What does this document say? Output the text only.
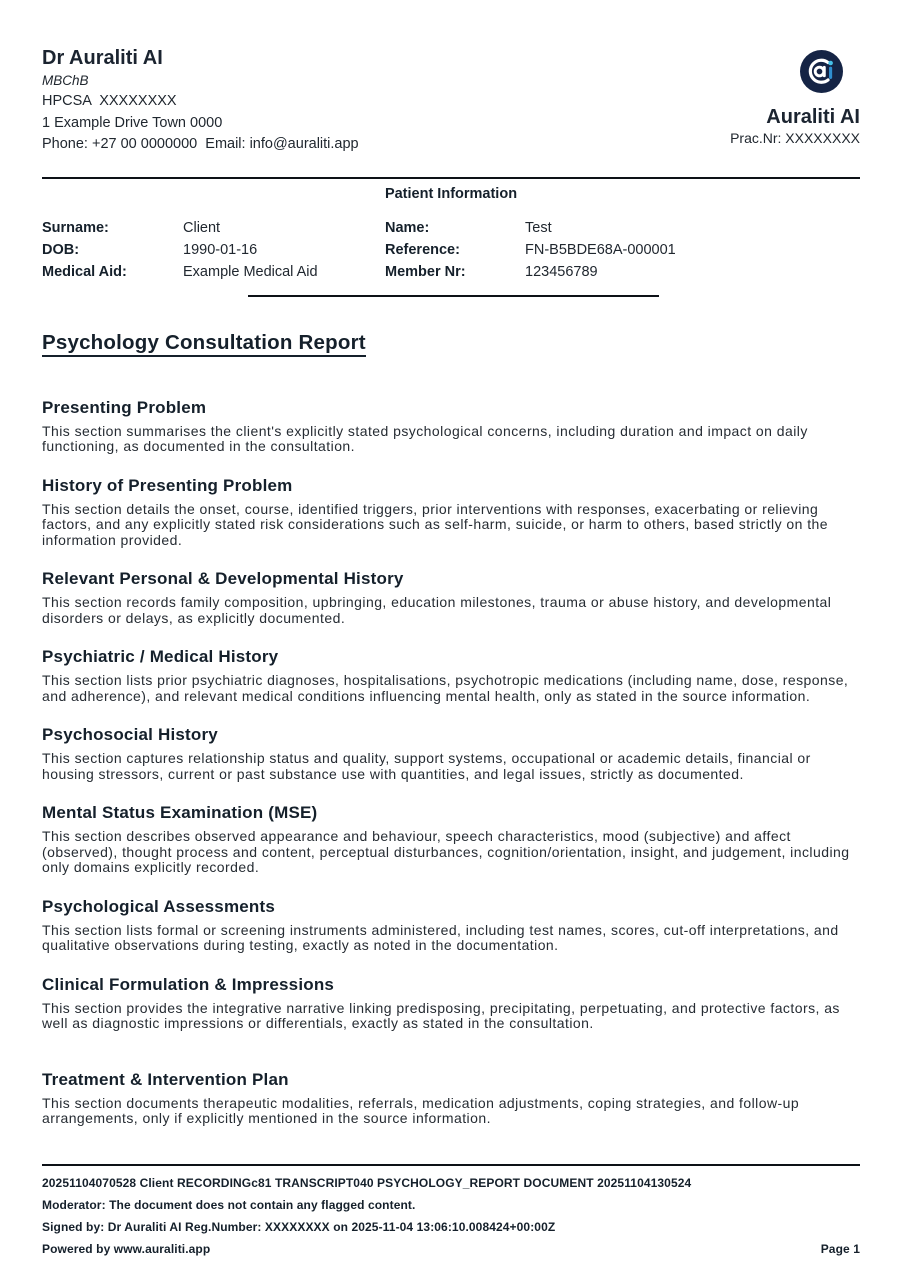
Dr Auraliti AI
MBChB
HPCSA  XXXXXXXX
1 Example Drive Town 0000
Phone: +27 00 0000000  Email: info@auraliti.app
Auraliti AI
Prac.Nr: XXXXXXXX
Patient Information
Surname:	Client	Name:	Test
DOB:	1990-01-16	Reference:	FN-B5BDE68A-000001
Medical Aid:	Example Medical Aid	Member Nr:	123456789
Psychology Consultation Report
Presenting Problem

This section summarises the client's explicitly stated psychological concerns, including duration and impact on daily functioning, as documented in the consultation.

History of Presenting Problem

This section details the onset, course, identified triggers, prior interventions with responses, exacerbating or relieving factors, and any explicitly stated risk considerations such as self-harm, suicide, or harm to others, based strictly on the information provided.

Relevant Personal & Developmental History

This section records family composition, upbringing, education milestones, trauma or abuse history, and developmental disorders or delays, as explicitly documented.

Psychiatric / Medical History

This section lists prior psychiatric diagnoses, hospitalisations, psychotropic medications (including name, dose, response, and adherence), and relevant medical conditions influencing mental health, only as stated in the source information.

Psychosocial History

This section captures relationship status and quality, support systems, occupational or academic details, financial or housing stressors, current or past substance use with quantities, and legal issues, strictly as documented.

Mental Status Examination (MSE)

This section describes observed appearance and behaviour, speech characteristics, mood (subjective) and affect (observed), thought process and content, perceptual disturbances, cognition/orientation, insight, and judgement, including only domains explicitly recorded.

Psychological Assessments

This section lists formal or screening instruments administered, including test names, scores, cut-off interpretations, and qualitative observations during testing, exactly as noted in the documentation.

Clinical Formulation & Impressions

This section provides the integrative narrative linking predisposing, precipitating, perpetuating, and protective factors, as well as diagnostic impressions or differentials, exactly as stated in the consultation.

Treatment & Intervention Plan

This section documents therapeutic modalities, referrals, medication adjustments, coping strategies, and follow-up arrangements, only if explicitly mentioned in the source information.

20251104070528 Client RECORDINGc81 TRANSCRIPT040 PSYCHOLOGY_REPORT DOCUMENT 20251104130524
Moderator: The document does not contain any flagged content.
Signed by: Dr Auraliti AI Reg.Number: XXXXXXXX on 2025-11-04 13:06:10.008424+00:00Z
Powered by www.auraliti.app	Page 1
